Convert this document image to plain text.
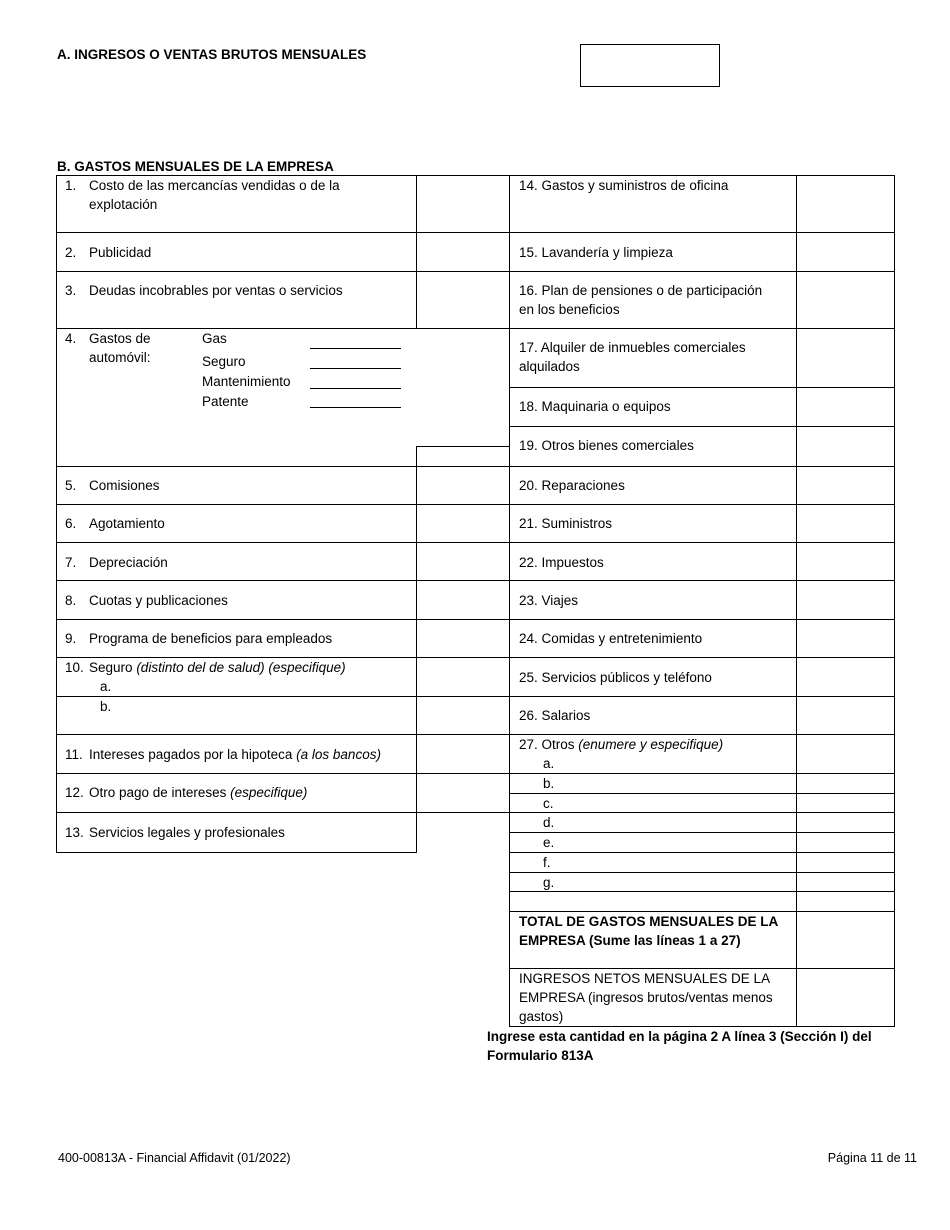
A. INGRESOS O VENTAS BRUTOS MENSUALES
B. GASTOS MENSUALES DE LA EMPRESA
1. Costo de las mercancías vendidas o de la
explotación
2. Publicidad
3. Deudas incobrables por ventas o servicios
4. Gastos de
automóvil:
Gas
Seguro
Mantenimiento
Patente
5. Comisiones
6. Agotamiento
7. Depreciación
8. Cuotas y publicaciones
9. Programa de beneficios para empleados
10. Seguro (distinto del de salud) (especifique)
a.
b.
11. Intereses pagados por la hipoteca (a los bancos)
12. Otro pago de intereses (especifique)
13. Servicios legales y profesionales
14. Gastos y suministros de oficina
15. Lavandería y limpieza
16. Plan de pensiones o de participación
en los beneficios
17. Alquiler de inmuebles comerciales
alquilados
18. Maquinaria o equipos
19. Otros bienes comerciales
20. Reparaciones
21. Suministros
22. Impuestos
23. Viajes
24. Comidas y entretenimiento
25. Servicios públicos y teléfono
26. Salarios
27. Otros (enumere y especifique)
a.
b.
c.
d.
e.
f.
g.
TOTAL DE GASTOS MENSUALES DE LA
EMPRESA (Sume las líneas 1 a 27)
INGRESOS NETOS MENSUALES DE LA
EMPRESA (ingresos brutos/ventas menos
gastos)
Ingrese esta cantidad en la página 2 A línea 3 (Sección I) del
Formulario 813A
400-00813A - Financial Affidavit (01/2022)	Página 11 de 11
